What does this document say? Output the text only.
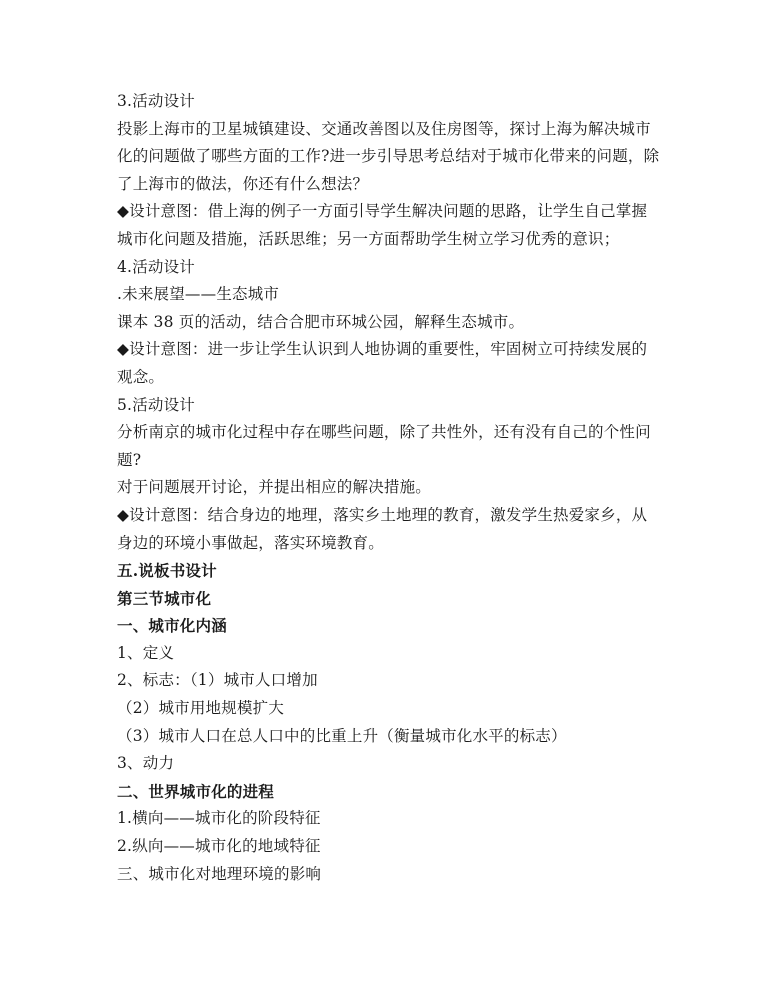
3.活动设计
投影上海市的卫星城镇建设、交通改善图以及住房图等，探讨上海为解决城市
化的问题做了哪些方面的工作?进一步引导思考总结对于城市化带来的问题，除
了上海市的做法，你还有什么想法？
◆设计意图：借上海的例子一方面引导学生解决问题的思路，让学生自己掌握
城市化问题及措施，活跃思维；另一方面帮助学生树立学习优秀的意识；
4.活动设计
.未来展望——生态城市
课本 38 页的活动，结合合肥市环城公园，解释生态城市。
◆设计意图：进一步让学生认识到人地协调的重要性，牢固树立可持续发展的
观念。
5.活动设计
分析南京的城市化过程中存在哪些问题，除了共性外，还有没有自己的个性问
题?
对于问题展开讨论，并提出相应的解决措施。
◆设计意图：结合身边的地理，落实乡土地理的教育，激发学生热爱家乡，从
身边的环境小事做起，落实环境教育。
五.说板书设计
第三节城市化
一、城市化内涵
1、定义
2、标志：（1）城市人口增加
（2）城市用地规模扩大
（3）城市人口在总人口中的比重上升（衡量城市化水平的标志）
3、动力
二、世界城市化的进程
1.横向——城市化的阶段特征
2.纵向——城市化的地域特征
三、城市化对地理环境的影响
